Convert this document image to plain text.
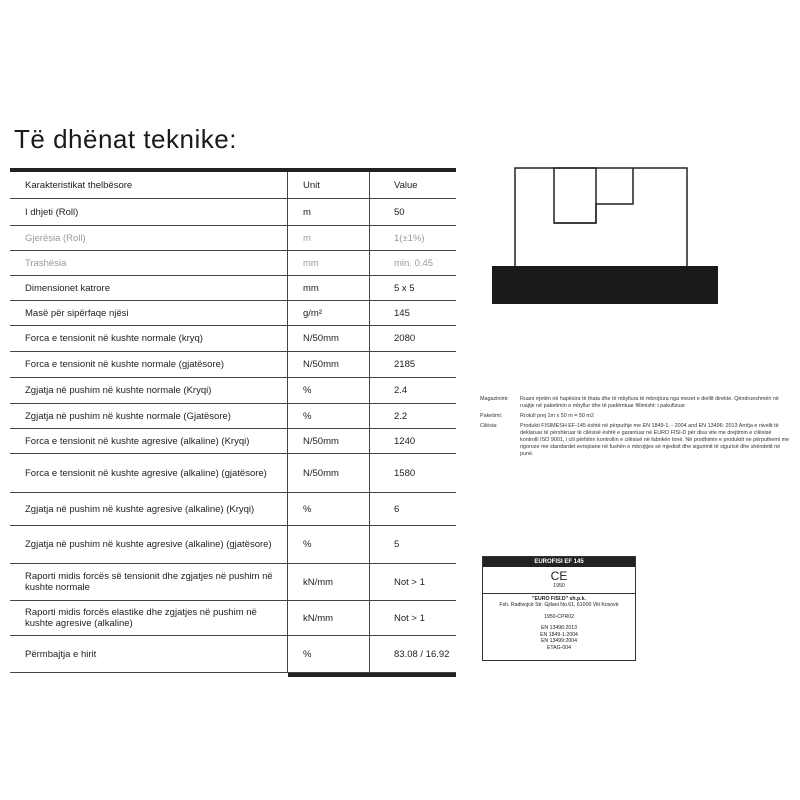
Të dhënat teknike:
Karakteristikat thelbësore	Unit	Value
I dhjeti (Roll)	m	50
Gjerësia (Roll)	m	1(±1%)
Trashësia	mm	min. 0.45
Dimensionet katrore	mm	5 x 5
Masë për sipërfaqe njësi	g/m²	145
Forca e tensionit në kushte normale (kryq)	N/50mm	2080
Forca e tensionit në kushte normale (gjatësore)	N/50mm	2185
Zgjatja në pushim në kushte normale (Kryqi)	%	2.4
Zgjatja në pushim në kushte normale (Gjatësore)	%	2.2
Forca e tensionit në kushte agresive (alkaline) (Kryqi)	N/50mm	1240
Forca e tensionit në kushte agresive (alkaline) (gjatësore)	N/50mm	1580
Zgjatja në pushim në kushte agresive (alkaline) (Kryqi)	%	6
Zgjatja në pushim në kushte agresive (alkaline) (gjatësore)	%	5
Raporti midis forcës së tensionit dhe zgjatjes në pushim në kushte normale	kN/mm	Not > 1
Raporti midis forcës elastike dhe zgjatjes në pushim në kushte agresive (alkaline)	kN/mm	Not > 1
Përmbajtja e hirit	%	83.08 / 16.92
Magazinimi:	Ruani rrjetën në hapësira të thata dhe të mbyllura të mbrojtura nga mezet e diellit direkte. Qëndrueshmëri në ruajtje në paketimin e mbyllur dhe të padëmtuar fillimisht: i pakufizuar
Paketimi:	Rrotull prej 1m x 50 m = 50 m2
Cilësia:	Produkti FISIMESH EF-145 është në përputhje me EN 1849-1. - 2004 and EN 13496: 2013 Arritja e nivelit të deklaruar të përshkruar të cilësisë është e garantuar në EURO FISI-D për disa vite me drejtimin e cilësisë kontrolli ISO 9001, i cili përfshin kontrollin e cilësisë në fabrikën tonë. Në prodhimin e produktit ne përputhemi me rigoroze me standardet evropiane në fushën e mbrojtjes së mjedisit dhe sigurimit të sigurisë dhe shëndetit në punë.
EUROFISI EF 145
CE
1950
"EURO FISI.D" sh.p.k.
Fsh. Radivojcë Str. Gjilani No.61, 61000 Viti Kosovë
1950-CPR02
EN 13496:2013
EN 1849-1:2004
EN 13499:2004
ETAG-004
